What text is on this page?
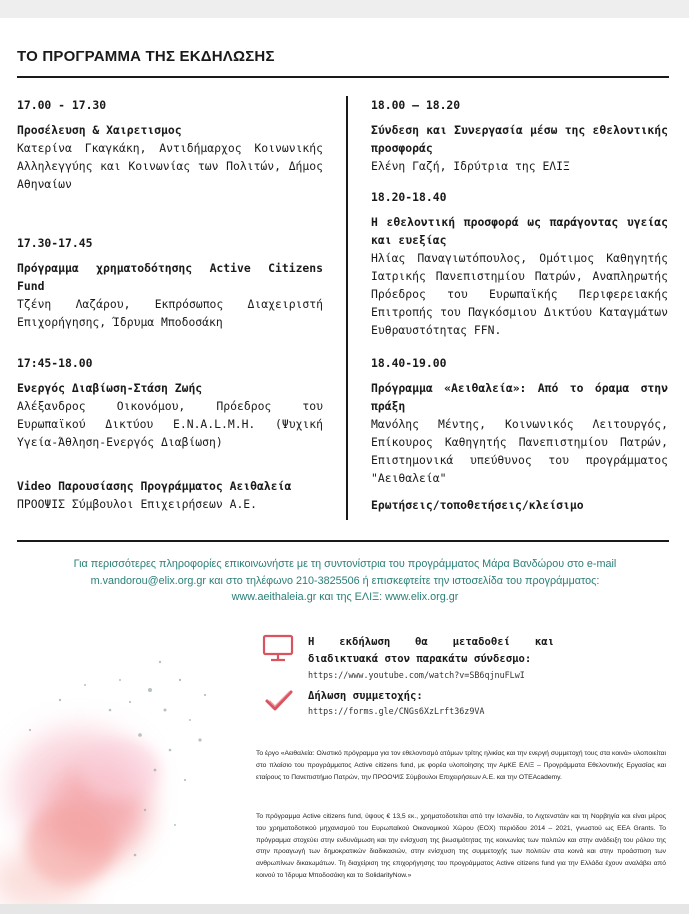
ΤΟ ΠΡΟΓΡΑΜΜΑ ΤΗΣ ΕΚΔΗΛΩΣΗΣ
17.00 - 17.30
Προσέλευση & Χαιρετισμος
Κατερίνα Γκαγκάκη, Αντιδήμαρχος Κοινωνικής Αλληλεγγύης και Κοινωνίας των Πολιτών, Δήμος Αθηναίων
17.30-17.45
Πρόγραμμα χρηματοδότησης Active Citizens Fund
Τζένη Λαζάρου, Εκπρόσωπος Διαχειριστή Επιχορήγησης, Ίδρυμα Μποδοσάκη
17:45-18.00
Ενεργός Διαβίωση-Στάση Ζωής
Αλέξανδρος Οικονόμου, Πρόεδρος του Ευρωπαϊκού Δικτύου E.N.A.L.M.H. (Ψυχική Υγεία-Άθληση-Ενεργός Διαβίωση)
Video Παρουσίασης Προγράμματος Αειθαλεία
ΠΡΟΟΨΙΣ Σύμβουλοι Επιχειρήσεων Α.Ε.
18.00 – 18.20
Σύνδεση και Συνεργασία μέσω της εθελοντικής προσφοράς
Ελένη Γαζή, Ιδρύτρια της ΕΛΙΞ
18.20-18.40
Η εθελοντική προσφορά ως παράγοντας υγείας και ευεξίας
Ηλίας Παναγιωτόπουλος, Ομότιμος Καθηγητής Ιατρικής Πανεπιστημίου Πατρών, Αναπληρωτής Πρόεδρος του Ευρωπαϊκής Περιφερειακής Επιτροπής του Παγκόσμιου Δικτύου Καταγμάτων Ευθραυστότητας FFN.
18.40-19.00
Πρόγραμμα «Αειθαλεία»: Από το όραμα στην πράξη
Μανόλης Μέντης, Κοινωνικός Λειτουργός, Επίκουρος Καθηγητής Πανεπιστημίου Πατρών, Επιστημονικά υπεύθυνος του προγράμματος "Αειθαλεία"
Ερωτήσεις/τοποθετήσεις/κλείσιμο
Για περισσότερες πληροφορίες επικοινωνήστε με τη συντονίστρια του προγράμματος Μάρα Βανδώρου στο e-mail m.vandorou@elix.org.gr και στο τηλέφωνο 210-3825506 ή επισκεφτείτε την ιστοσελίδα του προγράμματος: www.aeithaleia.gr και της ΕΛΙΞ: www.elix.org.gr
Η εκδήλωση θα μεταδοθεί και διαδικτυακά στον παρακάτω σύνδεσμο:
https://www.youtube.com/watch?v=SB6qjnuFLwI
Δήλωση συμμετοχής:
https://forms.gle/CNGs6XzLrft36z9VA

Το έργο «Αειθαλεία: Ολιστικό πρόγραμμα για τον εθελοντισμό ατόμων τρίτης ηλικίας και την ενεργή συμμετοχή τους στα κοινά» υλοποιείται στο πλαίσιο του προγράμματος Active citizens fund, με φορέα υλοποίησης την ΑμΚΕ ΕΛΙΞ – Προγράμματα Εθελοντικής Εργασίας και εταίρους το Πανεπιστήμιο Πατρών, την ΠΡΟΟΨΙΣ Σύμβουλοι Επιχειρήσεων Α.Ε. και την OTEAcademy.

Το πρόγραμμα Active citizens fund, ύψους € 13,5 εκ., χρηματοδοτείται από την Ισλανδία, το Λιχτενστάιν και τη Νορβηγία και είναι μέρος του χρηματοδοτικού μηχανισμού του Ευρωπαϊκού Οικονομικού Χώρου (ΕΟΧ) περιόδου 2014 – 2021, γνωστού ως EEA Grants. Το πρόγραμμα στοχεύει στην ενδυνάμωση και την ενίσχυση της βιωσιμότητας της κοινωνίας των πολιτών και στην ανάδειξη του ρόλου της στην προαγωγή των δημοκρατικών διαδικασιών, στην ενίσχυση της συμμετοχής των πολιτών στα κοινά και στην προάσπιση των ανθρωπίνων δικαιωμάτων. Τη διαχείριση της επιχορήγησης του προγράμματος Active citizens fund για την Ελλάδα έχουν αναλάβει από κοινού το Ίδρυμα Μποδοσάκη και το SolidarityNow.»
